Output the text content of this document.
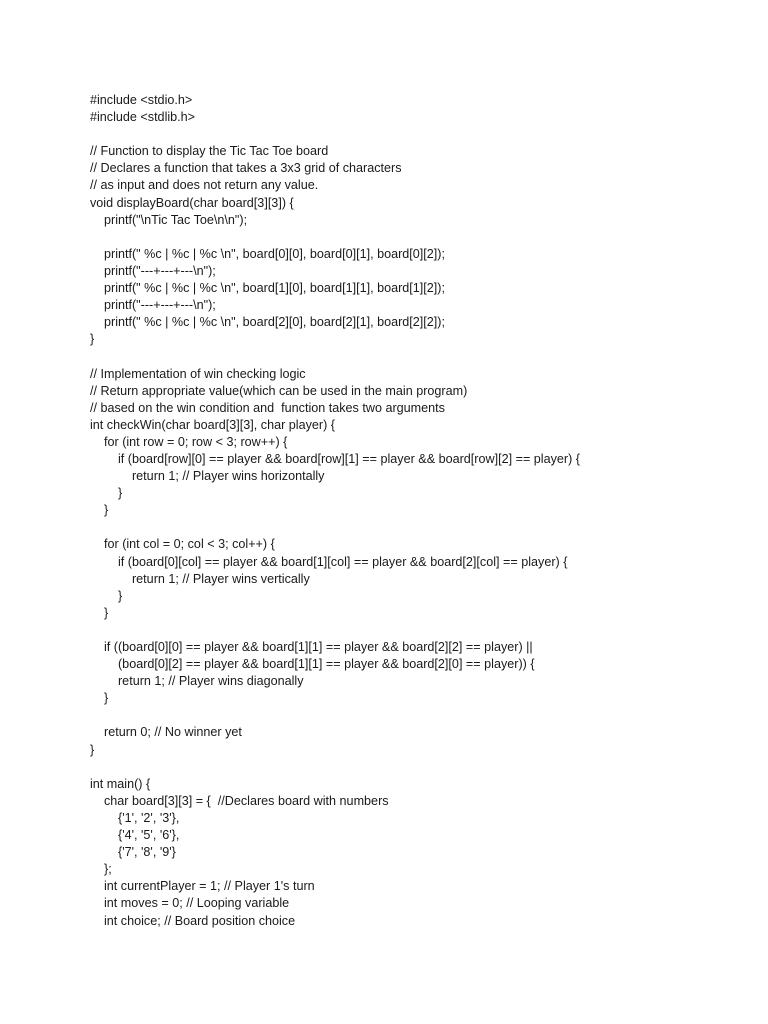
#include <stdio.h>
#include <stdlib.h>
// Function to display the Tic Tac Toe board
// Declares a function that takes a 3x3 grid of characters
// as input and does not return any value.
void displayBoard(char board[3][3]) {
printf("\nTic Tac Toe\n\n");
printf(" %c | %c | %c \n", board[0][0], board[0][1], board[0][2]);
printf("---+---+---\n");
printf(" %c | %c | %c \n", board[1][0], board[1][1], board[1][2]);
printf("---+---+---\n");
printf(" %c | %c | %c \n", board[2][0], board[2][1], board[2][2]);
}
// Implementation of win checking logic
// Return appropriate value(which can be used in the main program)
// based on the win condition and  function takes two arguments
int checkWin(char board[3][3], char player) {
for (int row = 0; row < 3; row++) {
if (board[row][0] == player && board[row][1] == player && board[row][2] == player) {
return 1; // Player wins horizontally
}
}
for (int col = 0; col < 3; col++) {
if (board[0][col] == player && board[1][col] == player && board[2][col] == player) {
return 1; // Player wins vertically
}
}
if ((board[0][0] == player && board[1][1] == player && board[2][2] == player) ||
(board[0][2] == player && board[1][1] == player && board[2][0] == player)) {
return 1; // Player wins diagonally
}
return 0; // No winner yet
}
int main() {
char board[3][3] = {  //Declares board with numbers
{'1', '2', '3'},
{'4', '5', '6'},
{'7', '8', '9'}
};
int currentPlayer = 1; // Player 1's turn
int moves = 0; // Looping variable
int choice; // Board position choice
